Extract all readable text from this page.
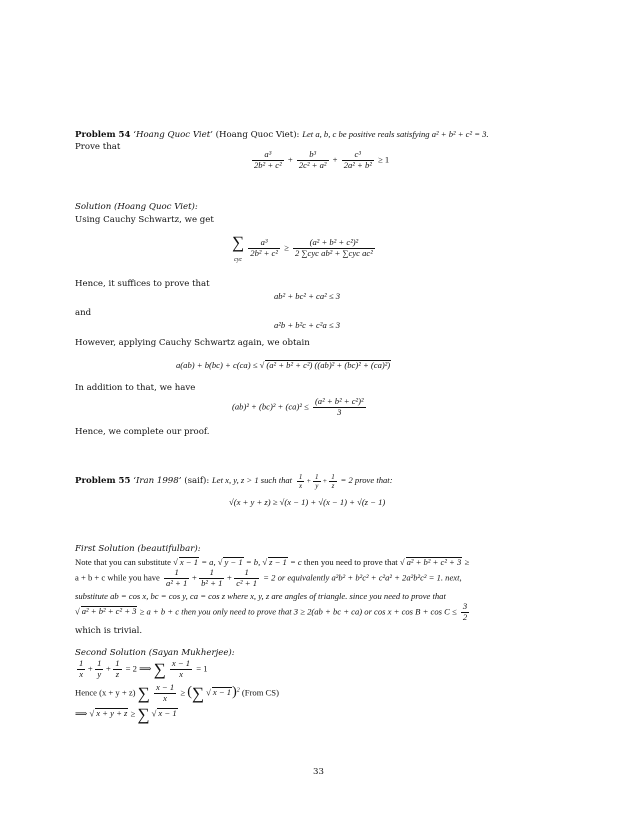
Problem 54 ‘Hoang Quoc Viet’ (Hoang Quoc Viet): Let a, b, c be positive reals satisfying a² + b² + c² = 3.
Prove that
$\frac{\text{a³}}{\text{2b² + c²}} + \frac{\text{b³}}{\text{2c² + a²}} + \frac{\text{c³}}{\text{2a² + b²}} \ge 1$
Solution (Hoang Quoc Viet):
Using Cauchy Schwartz, we get
∑
$_{cyc}$
$\frac{\text{a³}}{\text{2b² + c²}} \ge \frac{\text{(a² + b² + c²)²}}{\text{2 ∑cyc ab² + ∑cyc ac²}}$
Hence, it suffices to prove that
ab² + bc² + ca² ≤ 3
and
a²b + b²c + c²a ≤ 3
However, applying Cauchy Schwartz again, we obtain
a(ab) + b(bc) + c(ca) ≤ √ (a² + b² + c²) ((ab)² + (bc)² + (ca)²)
In addition to that, we have
$(ab)^2 + (bc)^2 + (ca)^2 \le \frac{\text{(a² + b² + c²)²}}{3}$
Hence, we complete our proof.
Problem 55 ‘Iran 1998’ (saif): Let x, y, z > 1 such that $\frac{1}{x} + \frac{1}{y} + \frac{1}{z} = 2$ prove that:
√(x + y + z) ≥ √(x − 1) + √(x − 1) + √(z − 1)
First Solution (beautifulbar):
Note that you can substitute √ x − 1 = a, √ y − 1 = b, √ z − 1 = c then you need to prove that √ a² + b² + c² + 3 ≥
a + b + c while you have $\frac{1}{\text{a² + 1}} + \frac{1}{\text{b² + 1}} + \frac{1}{\text{c² + 1}} = 2$ or equivalently a²b² + b²c² + c²a² + 2a²b²c² = 1. next,
substitute ab = cos x, bc = cos y, ca = cos z where x, y, z are angles of triangle. since you need to prove that
√ a² + b² + c² + 3 ≥ a + b + c then you only need to prove that 3 ≥ 2(ab + bc + ca) or $\cos x + \cos B + \cos C \le \frac{3}{2}$
which is trivial.
Second Solution (Sayan Mukherjee):
$\frac{1}{x} + \frac{1}{y} + \frac{1}{z} = 2$ ⟹ ∑ $\frac{x - 1}{x} = 1$
Hence (x + y + z) ∑ $\frac{x - 1}{x}$ ≥ (∑ √ x − 1)$^2$ (From CS)
⟹ √ x + y + z ≥ ∑ √ x − 1
33
